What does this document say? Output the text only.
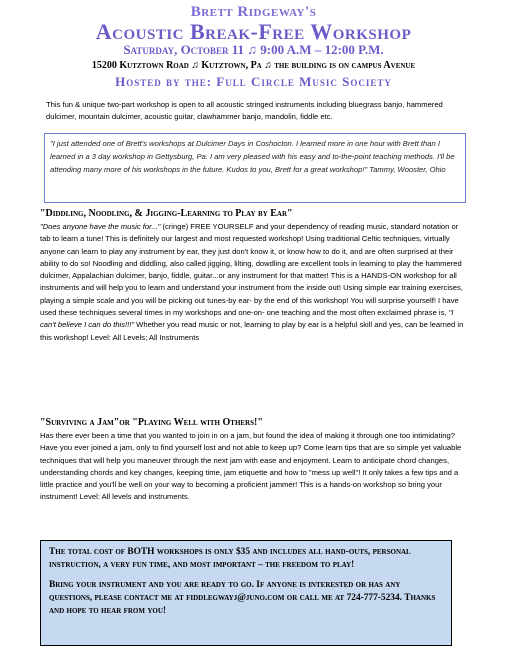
Brett Ridgeway's
Acoustic Break-Free Workshop
Saturday, October 11 ♫ 9:00 A.M – 12:00 P.M.
15200 Kutztown Road ♫ Kutztown, Pa ♫ the building is on campus Avenue
Hosted by the: Full Circle Music Society
This fun & unique two-part workshop is open to all acoustic stringed instruments including bluegrass banjo, hammered dulcimer, mountain dulcimer, acoustic guitar, clawhammer banjo, mandolin, fiddle etc.
"I just attended one of Brett's workshops at Dulcimer Days in Coshocton. I learned more in one hour with Brett than I learned in a 3 day workshop in Gettysburg, Pa. I am very pleased with his easy and to-the-point teaching methods. I'll be attending many more of his workshops in the future. Kudos to you, Brett for a great workshop!" Tammy, Wooster, Ohio
"Diddling, Noodling, & Jigging-Learning to Play by Ear"
"Does anyone have the music for..." (cringe) FREE YOURSELF and your dependency of reading music, standard notation or tab to learn a tune! This is definitely our largest and most requested workshop! Using traditional Celtic techniques, virtually anyone can learn to play any instrument by ear, they just don't know it, or know how to do it, and are often surprised at their ability to do so! Noodling and diddling, also called jigging, lilting, dowdling are excellent tools in learning to play the hammered dulcimer, Appalachian dulcimer, banjo, fiddle, guitar...or any instrument for that matter! This is a HANDS-ON workshop for all instruments and will help you to learn and understand your instrument from the inside out! Using simple ear training exercises, playing a simple scale and you will be picking out tunes-by ear- by the end of this workshop! You will surprise yourself! I have used these techniques several times in my workshops and one-on- one teaching and the most often exclaimed phrase is, "I can't believe I can do this!!!" Whether you read music or not, learning to play by ear is a helpful skill and yes, can be learned in this workshop! Level: All Levels; All Instruments
"Surviving a Jam"or "Playing Well with Others!"
Has there ever been a time that you wanted to join in on a jam, but found the idea of making it through one too intimidating? Have you ever joined a jam, only to find yourself lost and not able to keep up? Come learn tips that are so simple yet valuable techniques that will help you maneuver through the next jam with ease and enjoyment. Learn to anticipate chord changes, understanding chords and key changes, keeping time, jam etiquette and how to "mess up well"! It only takes a few tips and a little practice and you'll be well on your way to becoming a proficient jammer! This is a hands-on workshop so bring your instrument! Level: All levels and instruments.

The total cost of BOTH workshops is only $35 and includes all hand-outs, personal instruction, a very fun time, and most important – the freedom to play!

Bring your instrument and you are ready to go. If anyone is interested or has any questions, please contact me at fiddlegwayj@juno.com or call me at 724-777-5234. Thanks and hope to hear from you!
